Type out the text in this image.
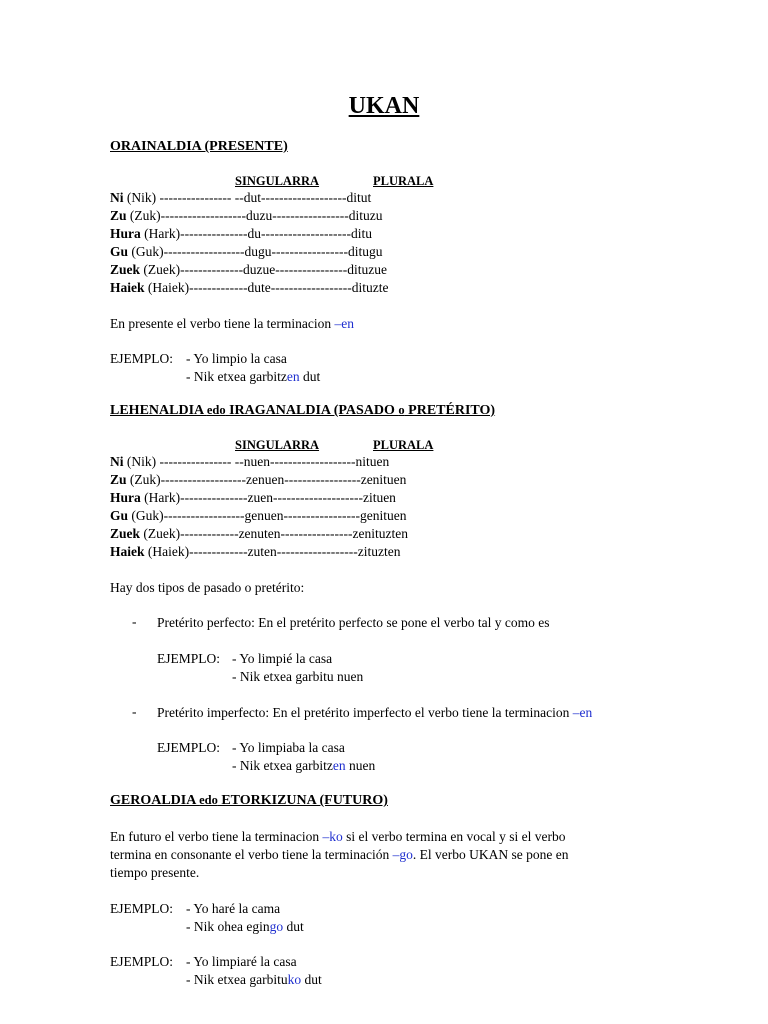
UKAN
ORAINALDIA (PRESENTE)
SINGULARRA	PLURALA
Ni (Nik) ---------------- --dut-------------------ditut
Zu (Zuk)-------------------duzu-----------------dituzu
Hura (Hark)---------------du--------------------ditu
Gu (Guk)------------------dugu-----------------ditugu
Zuek (Zuek)--------------duzue----------------dituzue
Haiek (Haiek)-------------dute------------------dituzte
En presente el verbo tiene la terminacion –en
EJEMPLO: - Yo limpio la casa
- Nik etxea garbitzen dut
LEHENALDIA edo IRAGANALDIA (PASADO o PRETÉRITO)
SINGULARRA	PLURALA
Ni (Nik) ---------------- --nuen-------------------nituen
Zu (Zuk)-------------------zenuen-----------------zenituen
Hura (Hark)---------------zuen--------------------zituen
Gu (Guk)------------------genuen-----------------genituen
Zuek (Zuek)-------------zenuten----------------zenituzten
Haiek (Haiek)-------------zuten------------------zituzten
Hay dos tipos de pasado o pretérito:
- Pretérito perfecto: En el pretérito perfecto se pone el verbo tal y como es
EJEMPLO: - Yo limpié la casa
- Nik etxea garbitu nuen
- Pretérito imperfecto: En el pretérito imperfecto el verbo tiene la terminacion –en
EJEMPLO: - Yo limpiaba la casa
- Nik etxea garbitzen nuen
GEROALDIA edo ETORKIZUNA (FUTURO)
En futuro el verbo tiene la terminacion –ko si el verbo termina en vocal y si el verbo
termina en consonante el verbo tiene la terminación –go. El verbo UKAN se pone en
tiempo presente.
EJEMPLO: - Yo haré la cama
- Nik ohea egingo dut
EJEMPLO: - Yo limpiaré la casa
- Nik etxea garbituko dut
